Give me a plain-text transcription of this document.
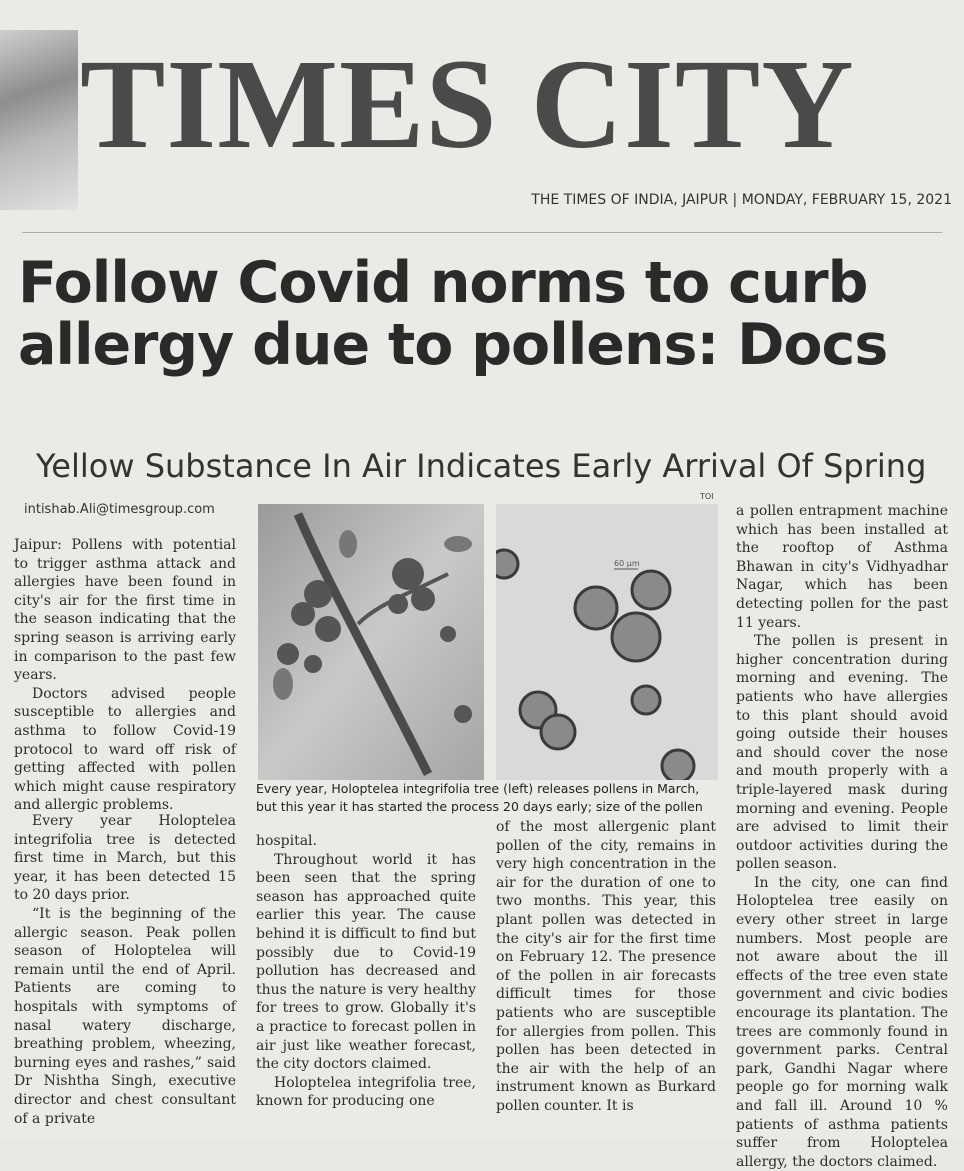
TIMES CITY
THE TIMES OF INDIA, JAIPUR | MONDAY, FEBRUARY 15, 2021
Follow Covid norms to curb allergy due to pollens: Docs
Yellow Substance In Air Indicates Early Arrival Of Spring
intishab.Ali@timesgroup.com
TOI

Jaipur: Pollens with potential to trigger asthma attack and allergies have been found in city's air for the first time in the season indicating that the spring season is arriving early in comparison to the past few years.

Doctors advised people susceptible to allergies and asthma to follow Covid-19 protocol to ward off risk of getting affected with pollen which might cause respiratory and allergic problems.

Every year Holoptelea integrifolia tree is detected first time in March, but this year, it has been detected 15 to 20 days prior.

“It is the beginning of the allergic season. Peak pollen season of Holoptelea will remain until the end of April. Patients are coming to hospitals with symptoms of nasal watery discharge, breathing problem, wheezing, burning eyes and rashes,” said Dr Nishtha Singh, executive director and chest consultant of a private

60 µm
Every year, Holoptelea integrifolia tree (left) releases pollens in March, but this year it has started the process 20 days early; size of the pollen

hospital.

Throughout world it has been seen that the spring season has approached quite earlier this year. The cause behind it is difficult to find but possibly due to Covid-19 pollution has decreased and thus the nature is very healthy for trees to grow. Globally it's a practice to forecast pollen in air just like weather forecast, the city doctors claimed.

Holoptelea integrifolia tree, known for producing one

of the most allergenic plant pollen of the city, remains in very high concentration in the air for the duration of one to two months. This year, this plant pollen was detected in the city's air for the first time on February 12. The presence of the pollen in air forecasts difficult times for those patients who are susceptible for allergies from pollen. This pollen has been detected in the air with the help of an instrument known as Burkard pollen counter. It is

a pollen entrapment machine which has been installed at the rooftop of Asthma Bhawan in city's Vidhyadhar Nagar, which has been detecting pollen for the past 11 years.

The pollen is present in higher concentration during morning and evening. The patients who have allergies to this plant should avoid going outside their houses and should cover the nose and mouth properly with a triple-layered mask during morning and evening. People are advised to limit their outdoor activities during the pollen season.

In the city, one can find Holoptelea tree easily on every other street in large numbers. Most people are not aware about the ill effects of the tree even state government and civic bodies encourage its plantation. The trees are commonly found in government parks. Central park, Gandhi Nagar where people go for morning walk and fall ill. Around 10 % patients of asthma patients suffer from Holoptelea allergy, the doctors claimed.
